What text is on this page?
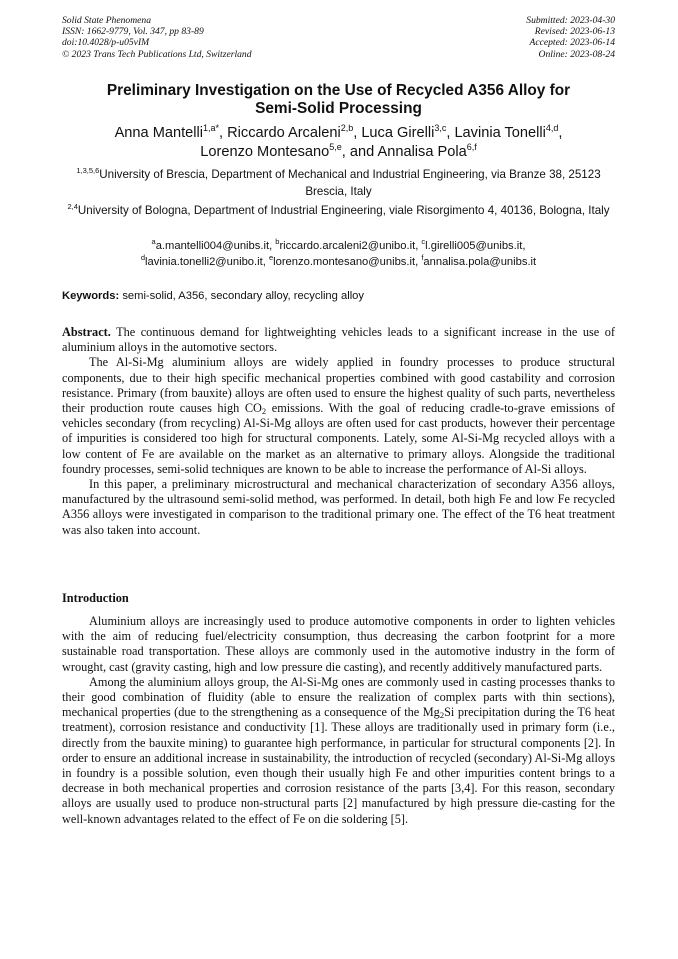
Solid State Phenomena
ISSN: 1662-9779, Vol. 347, pp 83-89
doi:10.4028/p-u05vIM
© 2023 Trans Tech Publications Ltd, Switzerland
Submitted: 2023-04-30
Revised: 2023-06-13
Accepted: 2023-06-14
Online: 2023-08-24
Preliminary Investigation on the Use of Recycled A356 Alloy for
Semi-Solid Processing
Anna Mantelli$^{1,a*}$, Riccardo Arcaleni$^{2,b}$, Luca Girelli$^{3,c}$, Lavinia Tonelli$^{4,d}$,
Lorenzo Montesano$^{5,e}$, and Annalisa Pola$^{6,f}$
$^{1,3,5,6}$University of Brescia, Department of Mechanical and Industrial Engineering, via Branze 38, 25123 Brescia, Italy
$^{2,4}$University of Bologna, Department of Industrial Engineering, viale Risorgimento 4, 40136, Bologna, Italy
$^a$a.mantelli004@unibs.it, $^b$riccardo.arcaleni2@unibo.it, $^c$l.girelli005@unibs.it,
$^d$lavinia.tonelli2@unibo.it, $^e$lorenzo.montesano@unibs.it, $^f$annalisa.pola@unibs.it
Keywords: semi-solid, A356, secondary alloy, recycling alloy

Abstract. The continuous demand for lightweighting vehicles leads to a significant increase in the use of aluminium alloys in the automotive sectors.

The Al-Si-Mg aluminium alloys are widely applied in foundry processes to produce structural components, due to their high specific mechanical properties combined with good castability and corrosion resistance. Primary (from bauxite) alloys are often used to ensure the highest quality of such parts, nevertheless their production route causes high $CO_2$ emissions. With the goal of reducing cradle-to-grave emissions of vehicles secondary (from recycling) Al-Si-Mg alloys are often used for cast products, however their percentage of impurities is considered too high for structural components. Lately, some Al-Si-Mg recycled alloys with a low content of Fe are available on the market as an alternative to primary alloys. Alongside the traditional foundry processes, semi-solid techniques are known to be able to increase the performance of Al-Si alloys.

In this paper, a preliminary microstructural and mechanical characterization of secondary A356 alloys, manufactured by the ultrasound semi-solid method, was performed. In detail, both high Fe and low Fe recycled A356 alloys were investigated in comparison to the traditional primary one. The effect of the T6 heat treatment was also taken into account.

Introduction

Aluminium alloys are increasingly used to produce automotive components in order to lighten vehicles with the aim of reducing fuel/electricity consumption, thus decreasing the carbon footprint for a more sustainable road transportation. These alloys are commonly used in the automotive industry in the form of wrought, cast (gravity casting, high and low pressure die casting), and recently additively manufactured parts.

Among the aluminium alloys group, the Al-Si-Mg ones are commonly used in casting processes thanks to their good combination of fluidity (able to ensure the realization of complex parts with thin sections), mechanical properties (due to the strengthening as a consequence of the $Mg_2Si$ precipitation during the T6 heat treatment), corrosion resistance and conductivity [1]. These alloys are traditionally used in primary form (i.e., directly from the bauxite mining) to guarantee high performance, in particular for structural components [2]. In order to ensure an additional increase in sustainability, the introduction of recycled (secondary) Al-Si-Mg alloys in foundry is a possible solution, even though their usually high Fe and other impurities content brings to a decrease in both mechanical properties and corrosion resistance of the parts [3,4]. For this reason, secondary alloys are usually used to produce non-structural parts [2] manufactured by high pressure die-casting for the well-known advantages related to the effect of Fe on die soldering [5].
